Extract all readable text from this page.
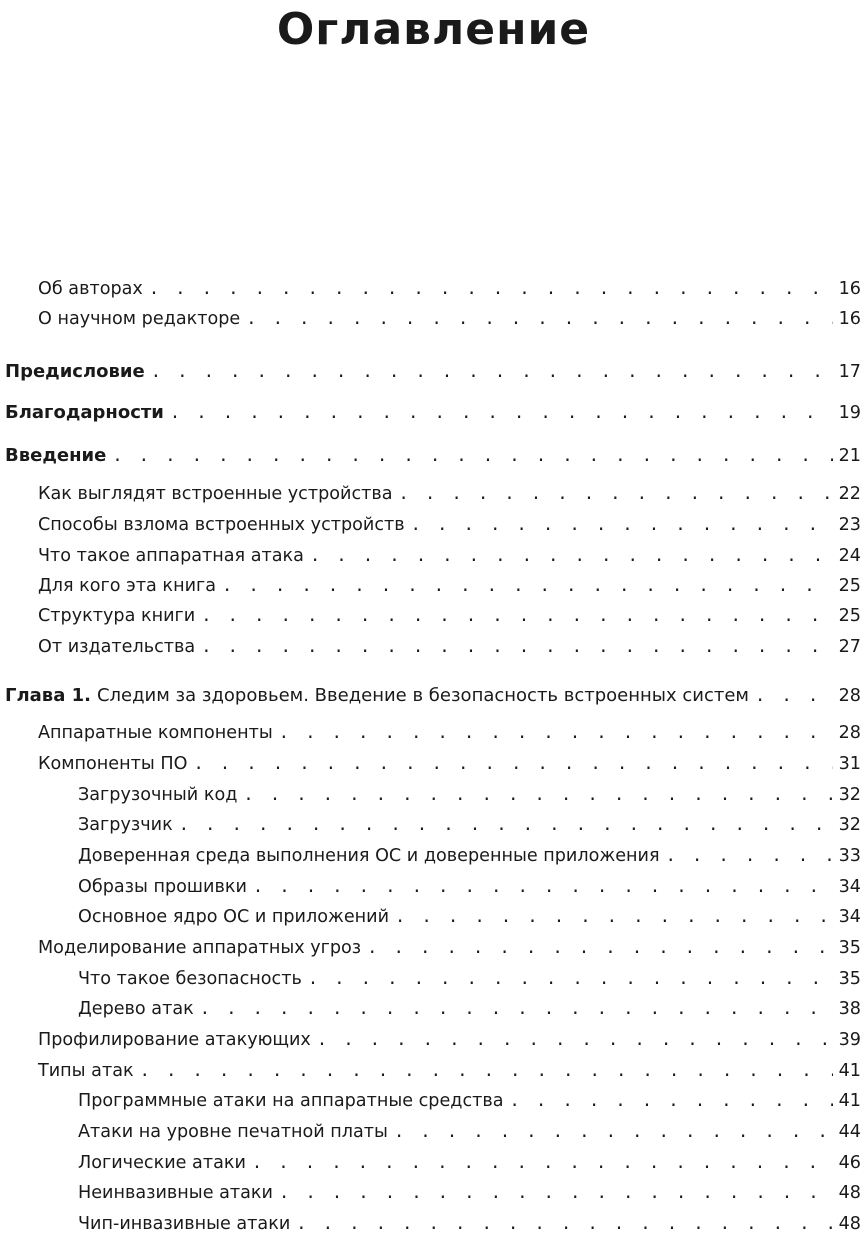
Оглавление
Об авторах . . .	16
О научном редакторе . . .	16
Предисловие . . .	17
Благодарности . . .	19
Введение . . .	21
Как выглядят встроенные устройства . . .	22
Способы взлома встроенных устройств . . .	23
Что такое аппаратная атака . . .	24
Для кого эта книга . . .	25
Структура книги . . .	25
От издательства . . .	27
Глава 1. Следим за здоровьем. Введение в безопасность встроенных систем . . .	28
Аппаратные компоненты . . .	28
Компоненты ПО . . .	31
Загрузочный код . . .	32
Загрузчик . . .	32
Доверенная среда выполнения ОС и доверенные приложения . . .	33
Образы прошивки . . .	34
Основное ядро ОС и приложений . . .	34
Моделирование аппаратных угроз . . .	35
Что такое безопасность . . .	35
Дерево атак . . .	38
Профилирование атакующих . . .	39
Типы атак . . .	41
Программные атаки на аппаратные средства . . .	41
Атаки на уровне печатной платы . . .	44
Логические атаки . . .	46
Неинвазивные атаки . . .	48
Чип-инвазивные атаки . . .	48
